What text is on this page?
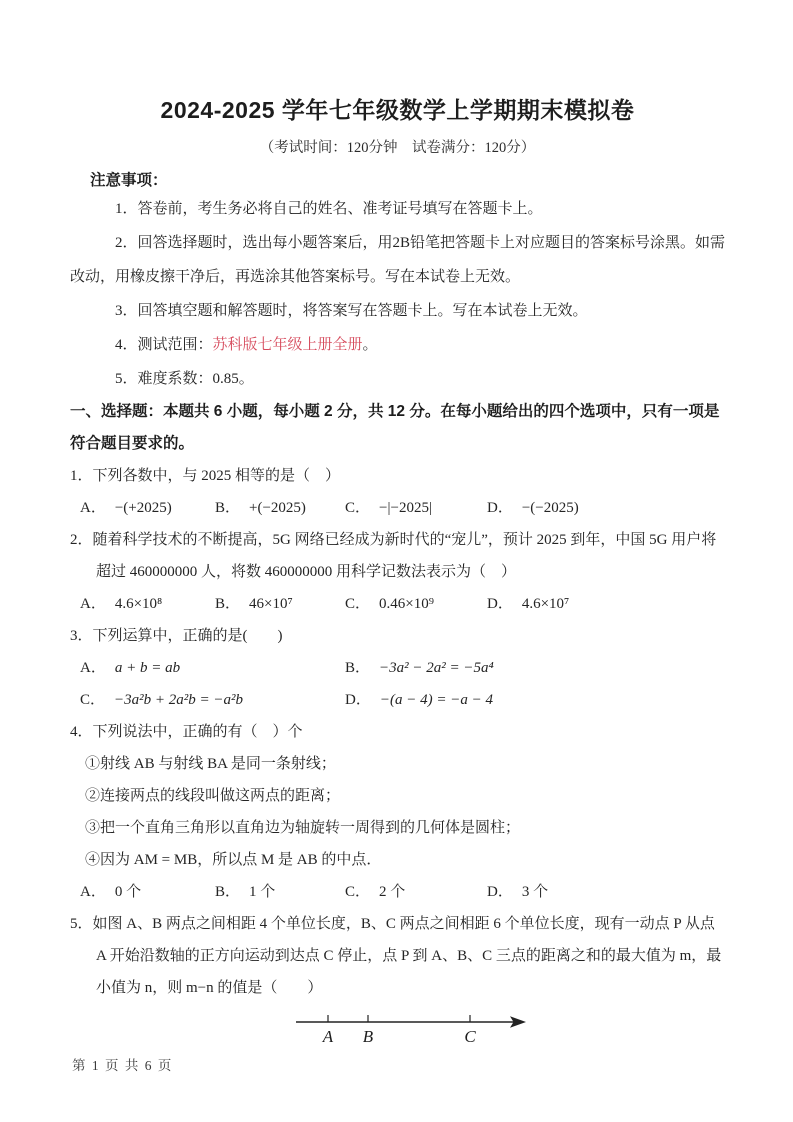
2024-2025 学年七年级数学上学期期末模拟卷
（考试时间：120分钟　试卷满分：120分）
注意事项：

1．答卷前，考生务必将自己的姓名、准考证号填写在答题卡上。

2．回答选择题时，选出每小题答案后，用2B铅笔把答题卡上对应题目的答案标号涂黑。如需改动，用橡皮擦干净后，再选涂其他答案标号。写在本试卷上无效。

3．回答填空题和解答题时，将答案写在答题卡上。写在本试卷上无效。

4．测试范围：苏科版七年级上册全册。

5．难度系数：0.85。

一、选择题：本题共 6 小题，每小题 2 分，共 12 分。在每小题给出的四个选项中，只有一项是符合题目要求的。

1．下列各数中，与 2025 相等的是（　）

A． −(+2025)	B． +(−2025)	C． −|−2025|	D． −(−2025)

2．随着科学技术的不断提高，5G 网络已经成为新时代的“宠儿”，预计 2025 到年，中国 5G 用户将超过 460000000 人，将数 460000000 用科学记数法表示为（　）

A． 4.6×10⁸	B． 46×10⁷	C． 0.46×10⁹	D． 4.6×10⁷

3．下列运算中，正确的是(　　)

A． a + b = ab	B． −3a² − 2a² = −5a⁴
C． −3a²b + 2a²b = −a²b	D． −(a − 4) = −a − 4

4．下列说法中，正确的有（　）个

①射线 AB 与射线 BA 是同一条射线；

②连接两点的线段叫做这两点的距离；

③把一个直角三角形以直角边为轴旋转一周得到的几何体是圆柱；

④因为 AM = MB，所以点 M 是 AB 的中点．

A． 0 个	B． 1 个	C． 2 个	D． 3 个

5．如图 A、B 两点之间相距 4 个单位长度，B、C 两点之间相距 6 个单位长度，现有一动点 P 从点 A 开始沿数轴的正方向运动到达点 C 停止，点 P 到 A、B、C 三点的距离之和的最大值为 m，最小值为 n，则 m−n 的值是（　　）

A B	C
第 1 页 共 6 页
